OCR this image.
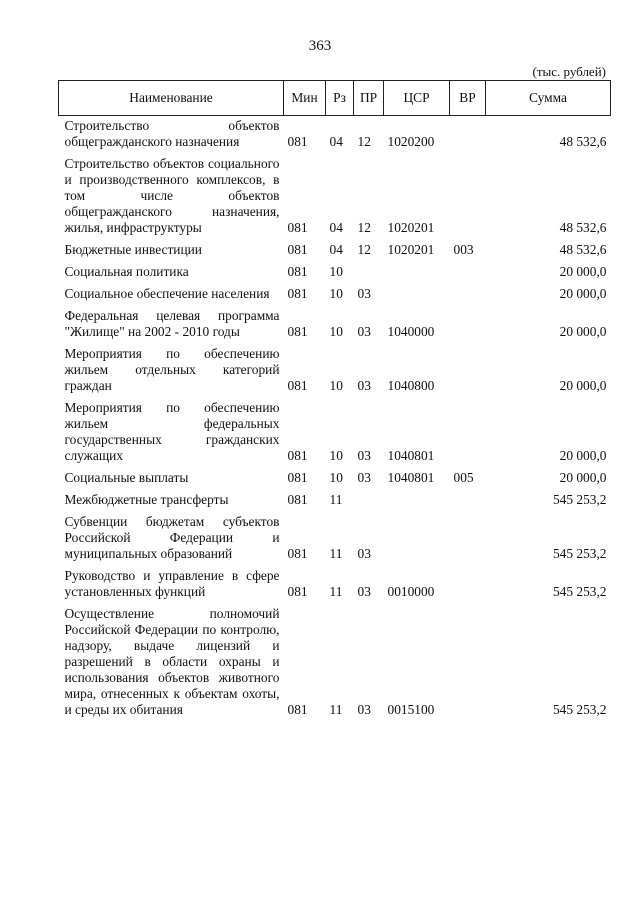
363
(тыс. рублей)
Наименование	Мин	Рз	ПР	ЦСР	ВР	Сумма
Строительство объектов общегражданского назначения	081	04	12	1020200		48 532,6
Строительство объектов социального и производственного комплексов, в том числе объектов общегражданского назначения, жилья, инфраструктуры	081	04	12	1020201		48 532,6
Бюджетные инвестиции	081	04	12	1020201	003	48 532,6
Социальная политика	081	10				20 000,0
Социальное обеспечение населения	081	10	03			20 000,0
Федеральная целевая программа "Жилище" на 2002 - 2010 годы	081	10	03	1040000		20 000,0
Мероприятия по обеспечению жильем отдельных категорий граждан	081	10	03	1040800		20 000,0
Мероприятия по обеспечению жильем федеральных государственных гражданских служащих	081	10	03	1040801		20 000,0
Социальные выплаты	081	10	03	1040801	005	20 000,0
Межбюджетные трансферты	081	11				545 253,2
Субвенции бюджетам субъектов Российской Федерации и муниципальных образований	081	11	03			545 253,2
Руководство и управление в сфере установленных функций	081	11	03	0010000		545 253,2
Осуществление полномочий Российской Федерации по контролю, надзору, выдаче лицензий и разрешений в области охраны и использования объектов животного мира, отнесенных к объектам охоты, и среды их обитания	081	11	03	0015100		545 253,2
